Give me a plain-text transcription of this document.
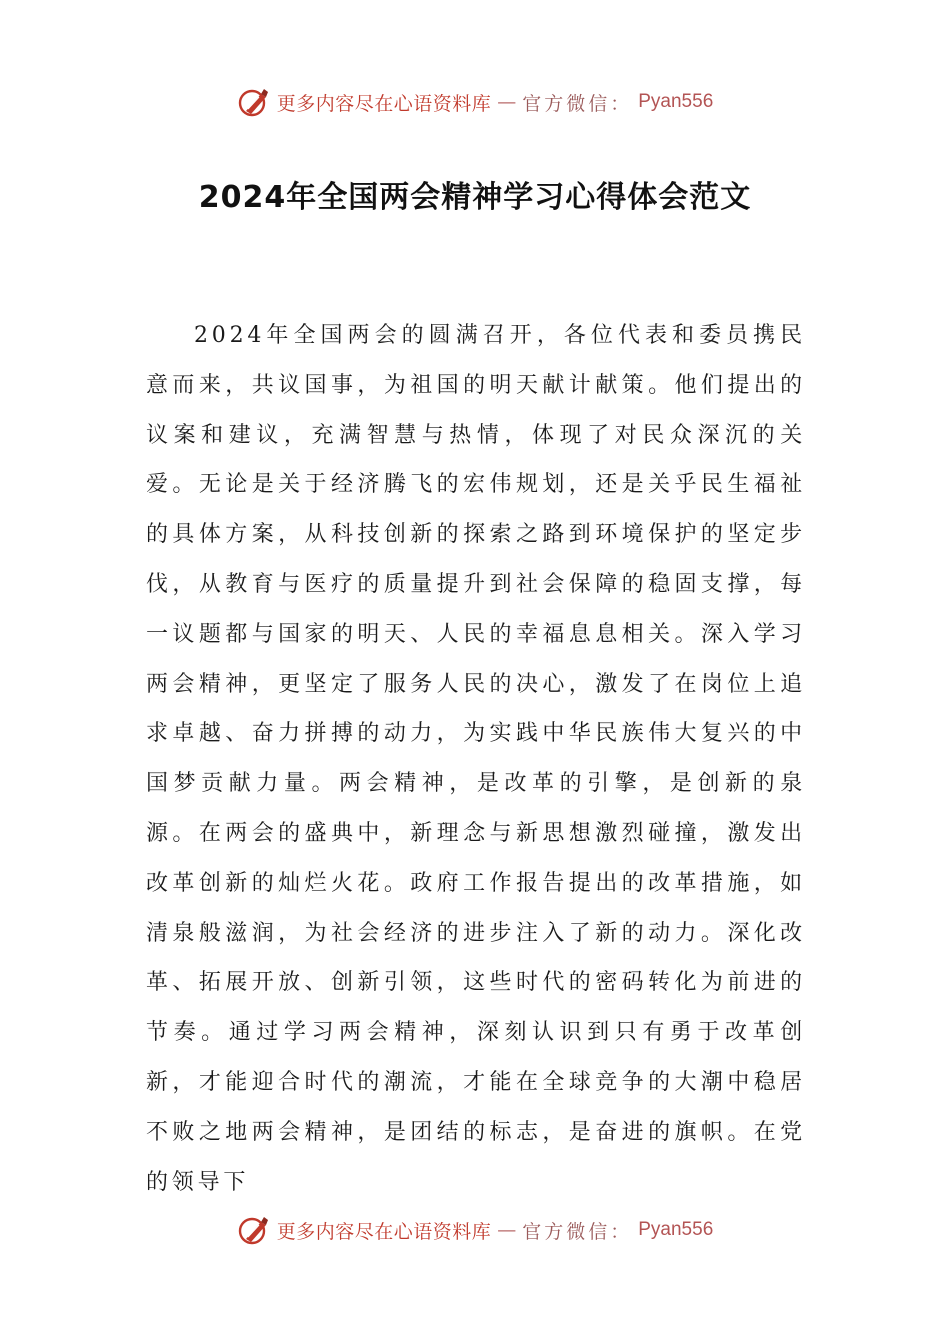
更多内容尽在心语资料库 — 官方微信： Pyan556
2024年全国两会精神学习心得体会范文

2024年全国两会的圆满召开，各位代表和委员携民意而来，共议国事，为祖国的明天献计献策。他们提出的议案和建议，充满智慧与热情，体现了对民众深沉的关爱。无论是关于经济腾飞的宏伟规划，还是关乎民生福祉的具体方案，从科技创新的探索之路到环境保护的坚定步伐，从教育与医疗的质量提升到社会保障的稳固支撑，每一议题都与国家的明天、人民的幸福息息相关。深入学习两会精神，更坚定了服务人民的决心，激发了在岗位上追求卓越、奋力拼搏的动力，为实践中华民族伟大复兴的中国梦贡献力量。两会精神，是改革的引擎，是创新的泉源。在两会的盛典中，新理念与新思想激烈碰撞，激发出改革创新的灿烂火花。政府工作报告提出的改革措施，如清泉般滋润，为社会经济的进步注入了新的动力。深化改革、拓展开放、创新引领，这些时代的密码转化为前进的节奏。通过学习两会精神，深刻认识到只有勇于改革创新，才能迎合时代的潮流，才能在全球竞争的大潮中稳居不败之地两会精神，是团结的标志，是奋进的旗帜。在党的领导下

更多内容尽在心语资料库 — 官方微信： Pyan556
